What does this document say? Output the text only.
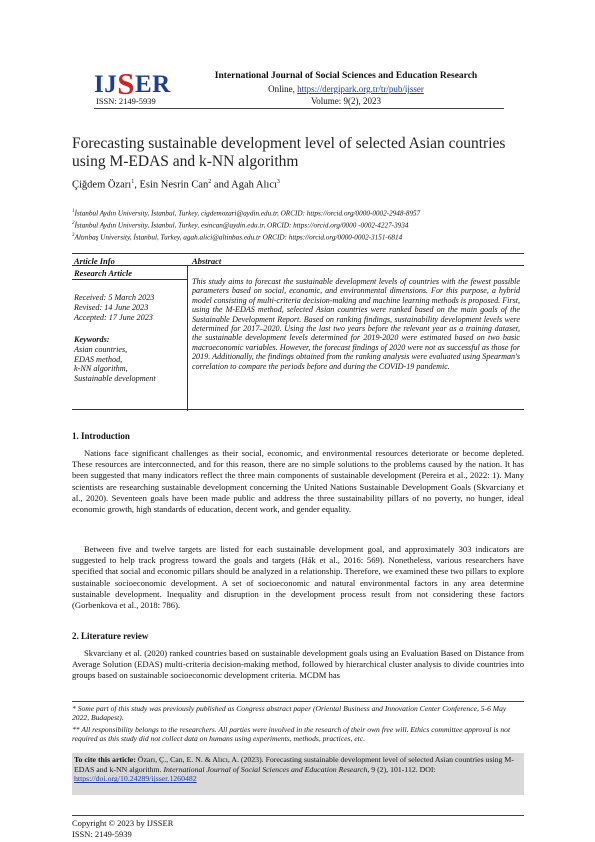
IJSER
ISSN: 2149-5939
International Journal of Social Sciences and Education Research
Online, https://dergipark.org.tr/tr/pub/ijsser
Volume: 9(2), 2023
Forecasting sustainable development level of selected Asian countries using M-EDAS and k-NN algorithm
Çiğdem Özarı$^1$, Esin Nesrin Can$^2$ and Agah Alıcı$^3$
$^1$İstanbul Aydın University, İstanbul, Turkey, cigdemozari@aydin.edu.tr, ORCID: https://orcid.org/0000-0002-2948-8957
$^2$İstanbul Aydın University, İstanbul, Turkey, esincan@aydin.edu.tr, ORCID: https://orcid.org/0000 -0002-4227-3934
$^3$Altınbaş University, İstanbul, Turkey, agah.alici@altinbas.edu.tr ORCID: https://orcid.org/0000-0002-3151-6814
Article Info	Abstract
Research Article
Received: 5 March 2023
Revised: 14 June 2023
Accepted: 17 June 2023
Keywords:
Asian countries,
EDAS method,
k-NN algorithm,
Sustainable development
This study aims to forecast the sustainable development levels of countries with the fewest possible parameters based on social, economic, and environmental dimensions. For this purpose, a hybrid model consisting of multi-criteria decision-making and machine learning methods is proposed. First, using the M-EDAS method, selected Asian countries were ranked based on the main goals of the Sustainable Development Report. Based on ranking findings, sustainability development levels were determined for 2017–2020. Using the last two years before the relevant year as a training dataset, the sustainable development levels determined for 2019-2020 were estimated based on two basic macroeconomic variables. However, the forecast findings of 2020 were not as successful as those for 2019. Additionally, the findings obtained from the ranking analysis were evaluated using Spearman's correlation to compare the periods before and during the COVID-19 pandemic.
1. Introduction
Nations face significant challenges as their social, economic, and environmental resources deteriorate or become depleted. These resources are interconnected, and for this reason, there are no simple solutions to the problems caused by the nation. It has been suggested that many indicators reflect the three main components of sustainable development (Pereira et al., 2022: 1). Many scientists are researching sustainable development concerning the United Nations Sustainable Development Goals (Skvarciany et al., 2020). Seventeen goals have been made public and address the three sustainability pillars of no poverty, no hunger, ideal economic growth, high standards of education, decent work, and gender equality.
Between five and twelve targets are listed for each sustainable development goal, and approximately 303 indicators are suggested to help track progress toward the goals and targets (Hák et al., 2016: 569). Nonetheless, various researchers have specified that social and economic pillars should be analyzed in a relationship. Therefore, we examined these two pillars to explore sustainable socioeconomic development. A set of socioeconomic and natural environmental factors in any area determine sustainable development. Inequality and disruption in the development process result from not considering these factors (Gorbenkova et al., 2018: 786).
2. Literature review
Skvarciany et al. (2020) ranked countries based on sustainable development goals using an Evaluation Based on Distance from Average Solution (EDAS) multi-criteria decision-making method, followed by hierarchical cluster analysis to divide countries into groups based on sustainable socioeconomic development criteria. MCDM has
* Some part of this study was previously published as Congress abstract paper (Oriental Business and Innovation Center Conference, 5-6 May 2022, Budapest).
** All responsibility belongs to the researchers. All parties were involved in the research of their own free will. Ethics committee approval is not required as this study did not collect data on humans using experiments, methods, practices, etc.
To cite this article: Özarı, Ç., Can, E. N. & Alıcı, A. (2023). Forecasting sustainable development level of selected Asian countries using M-EDAS and k-NN algorithm. International Journal of Social Sciences and Education Research, 9 (2), 101-112. DOI: https://doi.org/10.24289/ijsser.1260482
Copyright © 2023 by IJSSER
ISSN: 2149-5939
